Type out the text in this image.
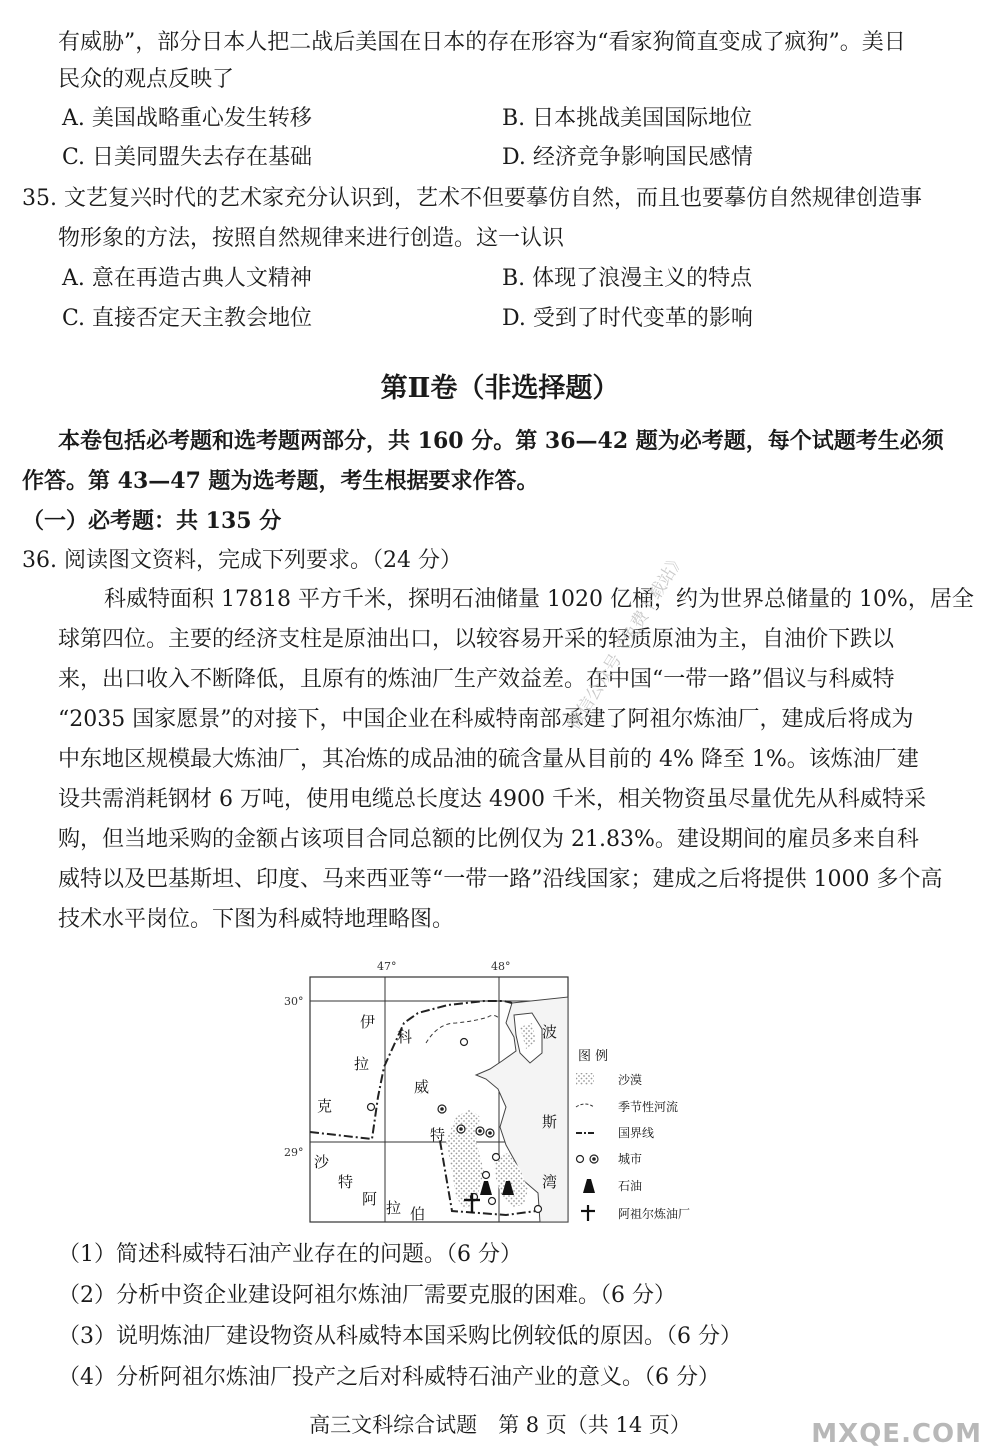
有威胁”，部分日本人把二战后美国在日本的存在形容为“看家狗简直变成了疯狗”。美日
民众的观点反映了
A. 美国战略重心发生转移	B. 日本挑战美国国际地位
C. 日美同盟失去存在基础	D. 经济竞争影响国民感情
35. 文艺复兴时代的艺术家充分认识到，艺术不但要摹仿自然，而且也要摹仿自然规律创造事
物形象的方法，按照自然规律来进行创造。这一认识
A. 意在再造古典人文精神	B. 体现了浪漫主义的特点
C. 直接否定天主教会地位	D. 受到了时代变革的影响
第Ⅱ卷（非选择题）
本卷包括必考题和选考题两部分，共 160 分。第 36—42 题为必考题，每个试题考生必须
作答。第 43—47 题为选考题，考生根据要求作答。
（一）必考题：共 135 分
36. 阅读图文资料，完成下列要求。（24 分）
科威特面积 17818 平方千米，探明石油储量 1020 亿桶，约为世界总储量的 10%，居全
球第四位。主要的经济支柱是原油出口，以较容易开采的轻质原油为主，自油价下跌以
来，出口收入不断降低，且原有的炼油厂生产效益差。在中国“一带一路”倡议与科威特
“2035 国家愿景”的对接下，中国企业在科威特南部承建了阿祖尔炼油厂，建成后将成为
中东地区规模最大炼油厂，其冶炼的成品油的硫含量从目前的 4% 降至 1%。该炼油厂建
设共需消耗钢材 6 万吨，使用电缆总长度达 4900 千米，相关物资虽尽量优先从科威特采
购，但当地采购的金额占该项目合同总额的比例仅为 21.83%。建设期间的雇员多来自科
威特以及巴基斯坦、印度、马来西亚等“一带一路”沿线国家；建成之后将提供 1000 多个高
技术水平岗位。下图为科威特地理略图。
微信公众号《免费下载站》
47°	48°
30°
29°
伊
拉
克
科
威
特
沙
特
阿 拉 伯
波
斯
湾
图 例
沙漠
季节性河流
国界线
城市
石油
阿祖尔炼油厂
（1）简述科威特石油产业存在的问题。（6 分）
（2）分析中资企业建设阿祖尔炼油厂需要克服的困难。（6 分）
（3）说明炼油厂建设物资从科威特本国采购比例较低的原因。（6 分）
（4）分析阿祖尔炼油厂投产之后对科威特石油产业的意义。（6 分）
高三文科综合试题　第 8 页（共 14 页）	MXQE.COM
